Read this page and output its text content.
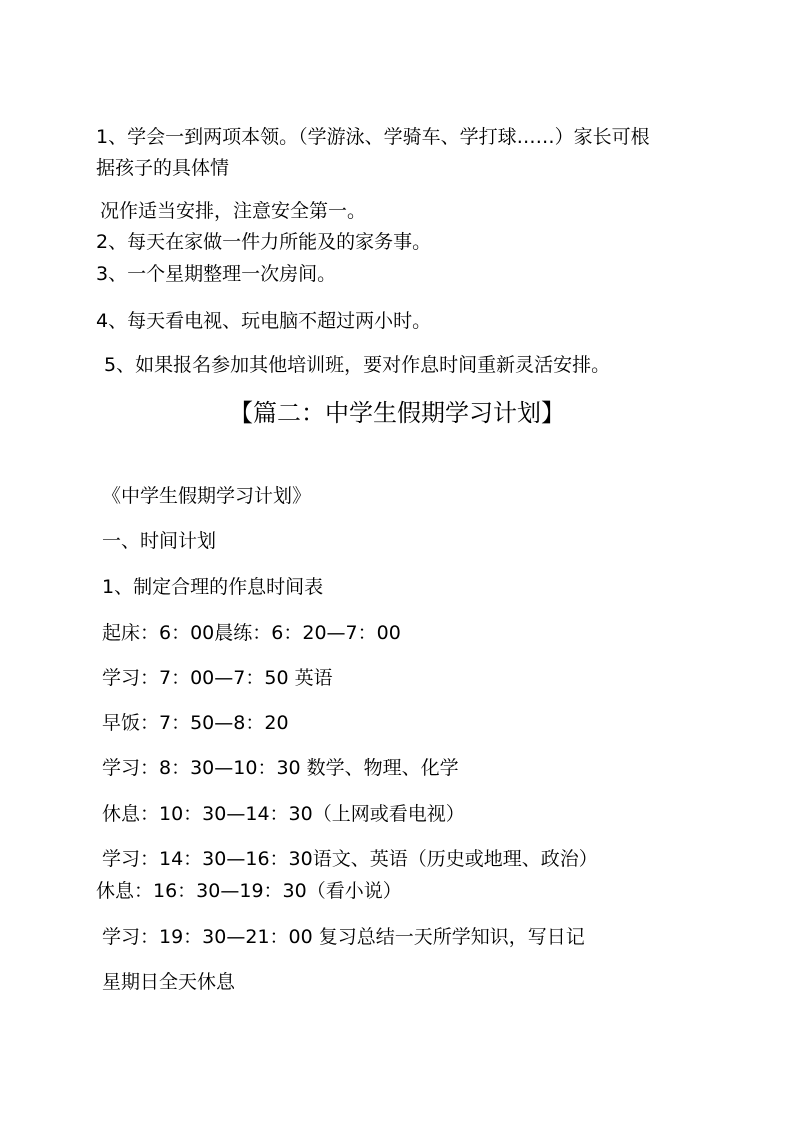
1、学会一到两项本领。（学游泳、学骑车、学打球……）家长可根
据孩子的具体情
况作适当安排，注意安全第一。
2、每天在家做一件力所能及的家务事。
3、一个星期整理一次房间。
4、每天看电视、玩电脑不超过两小时。
5、如果报名参加其他培训班，要对作息时间重新灵活安排。
【篇二：中学生假期学习计划】
《中学生假期学习计划》
一、时间计划
1、制定合理的作息时间表
起床：6：00晨练：6：20—7：00
学习：7：00—7：50 英语
早饭：7：50—8：20
学习：8：30—10：30 数学、物理、化学
休息：10：30—14：30（上网或看电视）
学习：14：30—16：30语文、英语（历史或地理、政治）
休息：16：30—19：30（看小说）
学习：19：30—21：00 复习总结一天所学知识，写日记
星期日全天休息
